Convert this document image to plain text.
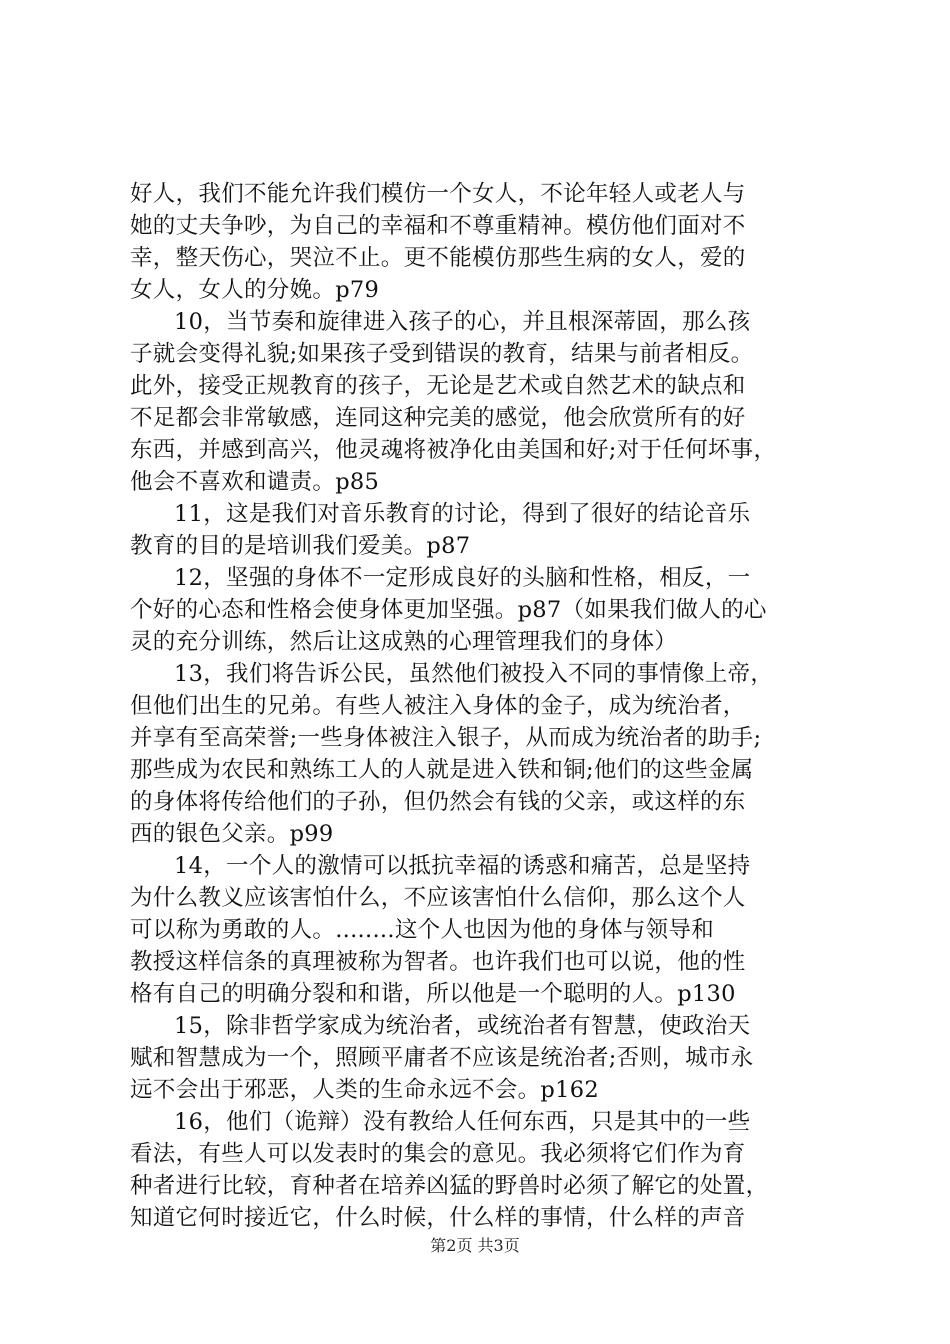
好人，我们不能允许我们模仿一个女人，不论年轻人或老人与
她的丈夫争吵，为自己的幸福和不尊重精神。模仿他们面对不
幸，整天伤心，哭泣不止。更不能模仿那些生病的女人，爱的
女人，女人的分娩。p79
10，当节奏和旋律进入孩子的心，并且根深蒂固，那么孩
子就会变得礼貌;如果孩子受到错误的教育，结果与前者相反。
此外，接受正规教育的孩子，无论是艺术或自然艺术的缺点和
不足都会非常敏感，连同这种完美的感觉，他会欣赏所有的好
东西，并感到高兴，他灵魂将被净化由美国和好;对于任何坏事，
他会不喜欢和谴责。p85
11，这是我们对音乐教育的讨论，得到了很好的结论音乐
教育的目的是培训我们爱美。p87
12，坚强的身体不一定形成良好的头脑和性格，相反，一
个好的心态和性格会使身体更加坚强。p87（如果我们做人的心
灵的充分训练，然后让这成熟的心理管理我们的身体）
13，我们将告诉公民，虽然他们被投入不同的事情像上帝，
但他们出生的兄弟。有些人被注入身体的金子，成为统治者，
并享有至高荣誉;一些身体被注入银子，从而成为统治者的助手;
那些成为农民和熟练工人的人就是进入铁和铜;他们的这些金属
的身体将传给他们的子孙，但仍然会有钱的父亲，或这样的东
西的银色父亲。p99
14，一个人的激情可以抵抗幸福的诱惑和痛苦，总是坚持
为什么教义应该害怕什么，不应该害怕什么信仰，那么这个人
可以称为勇敢的人。........这个人也因为他的身体与领导和
教授这样信条的真理被称为智者。也许我们也可以说，他的性
格有自己的明确分裂和和谐，所以他是一个聪明的人。p130
15，除非哲学家成为统治者，或统治者有智慧，使政治天
赋和智慧成为一个，照顾平庸者不应该是统治者;否则，城市永
远不会出于邪恶，人类的生命永远不会。p162
16，他们（诡辩）没有教给人任何东西，只是其中的一些
看法，有些人可以发表时的集会的意见。我必须将它们作为育
种者进行比较，育种者在培养凶猛的野兽时必须了解它的处置，
知道它何时接近它，什么时候，什么样的事情，什么样的声音
第2页 共3页
